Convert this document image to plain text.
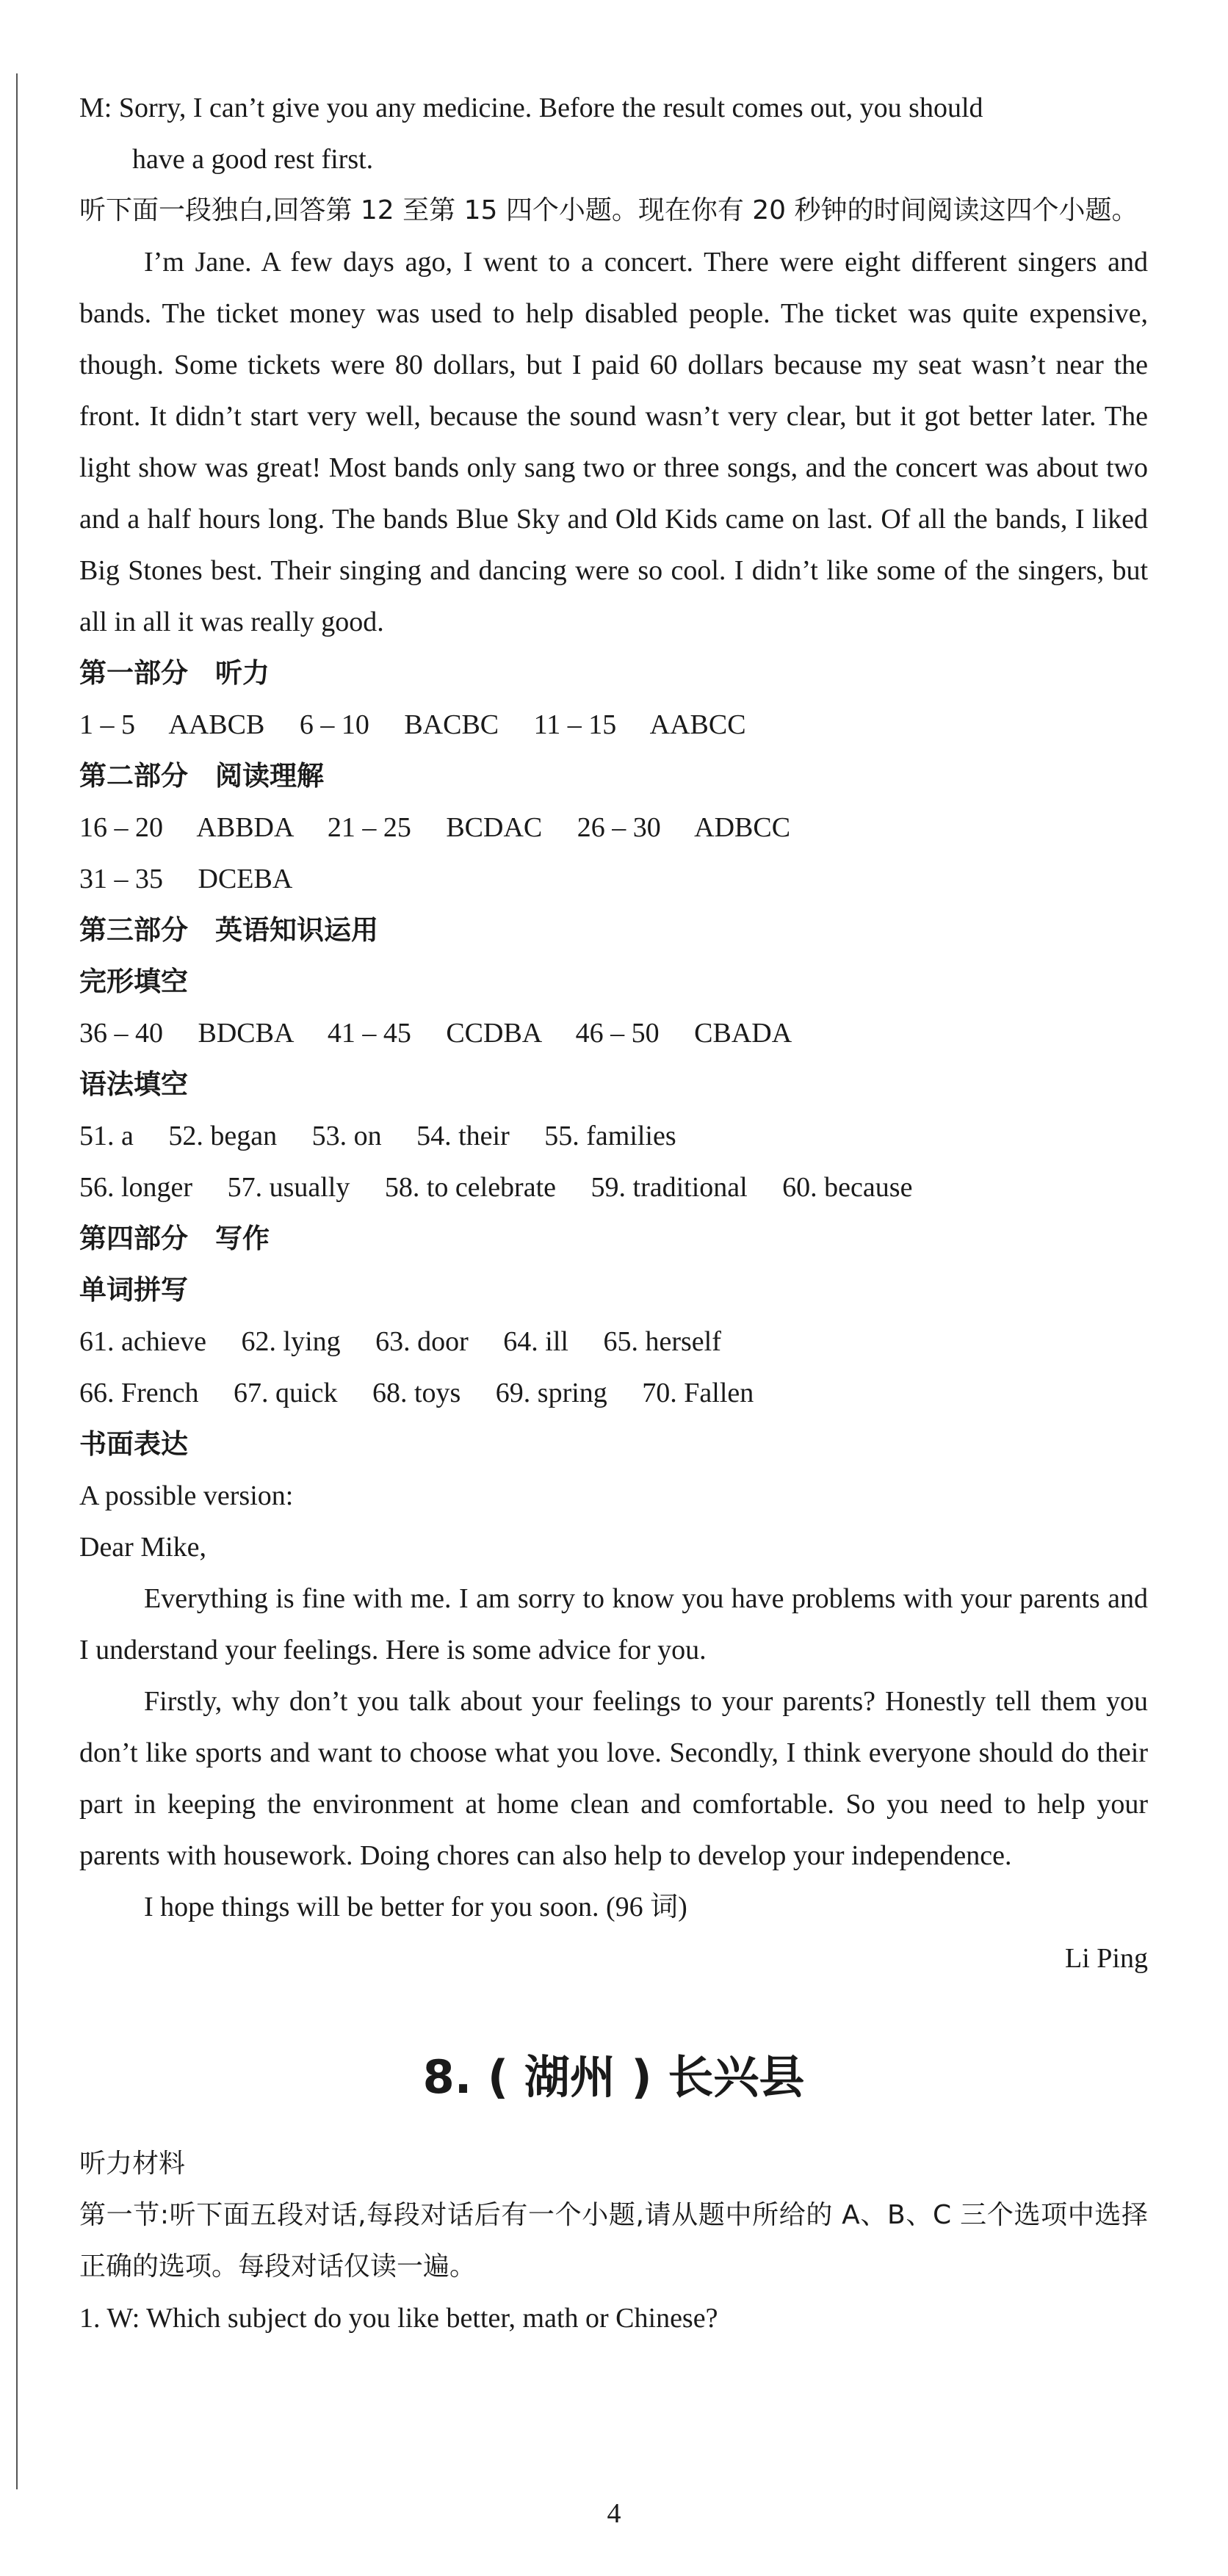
M: Sorry, I can’t give you any medicine. Before the result comes out, you should

have a good rest first.

听下面一段独白,回答第 12 至第 15 四个小题。现在你有 20 秒钟的时间阅读这四个小题。

I’m Jane. A few days ago, I went to a concert. There were eight different singers and bands. The ticket money was used to help disabled people. The ticket was quite expensive, though. Some tickets were 80 dollars, but I paid 60 dollars because my seat wasn’t near the front. It didn’t start very well, because the sound wasn’t very clear, but it got better later. The light show was great! Most bands only sang two or three songs, and the concert was about two and a half hours long. The bands Blue Sky and Old Kids came on last. Of all the bands, I liked Big Stones best. Their singing and dancing were so cool. I didn’t like some of the singers, but all in all it was really good.

第一部分　听力

1 – 5　 AABCB　 6 – 10　 BACBC　 11 – 15　 AABCC

第二部分　阅读理解

16 – 20　 ABBDA　 21 – 25　 BCDAC　 26 – 30　 ADBCC

31 – 35　 DCEBA

第三部分　英语知识运用

完形填空

36 – 40　 BDCBA　 41 – 45　 CCDBA　 46 – 50　 CBADA

语法填空

51. a　 52. began　 53. on　 54. their　 55. families

56. longer　 57. usually　 58. to celebrate　 59. traditional　 60. because

第四部分　写作

单词拼写

61. achieve　 62. lying　 63. door　 64. ill　 65. herself

66. French　 67. quick　 68. toys　 69. spring　 70. Fallen

书面表达

A possible version:

Dear Mike,

Everything is fine with me. I am sorry to know you have problems with your parents and I understand your feelings. Here is some advice for you.

Firstly, why don’t you talk about your feelings to your parents? Honestly tell them you don’t like sports and want to choose what you love. Secondly, I think everyone should do their part in keeping the environment at home clean and comfortable. So you need to help your parents with housework. Doing chores can also help to develop your independence.

I hope things will be better for you soon. (96 词)

Li Ping

8. ( 湖州 ) 长兴县

听力材料

第一节:听下面五段对话,每段对话后有一个小题,请从题中所给的 A、B、C 三个选项中选择正确的选项。每段对话仅读一遍。

1. W: Which subject do you like better, math or Chinese?

4
